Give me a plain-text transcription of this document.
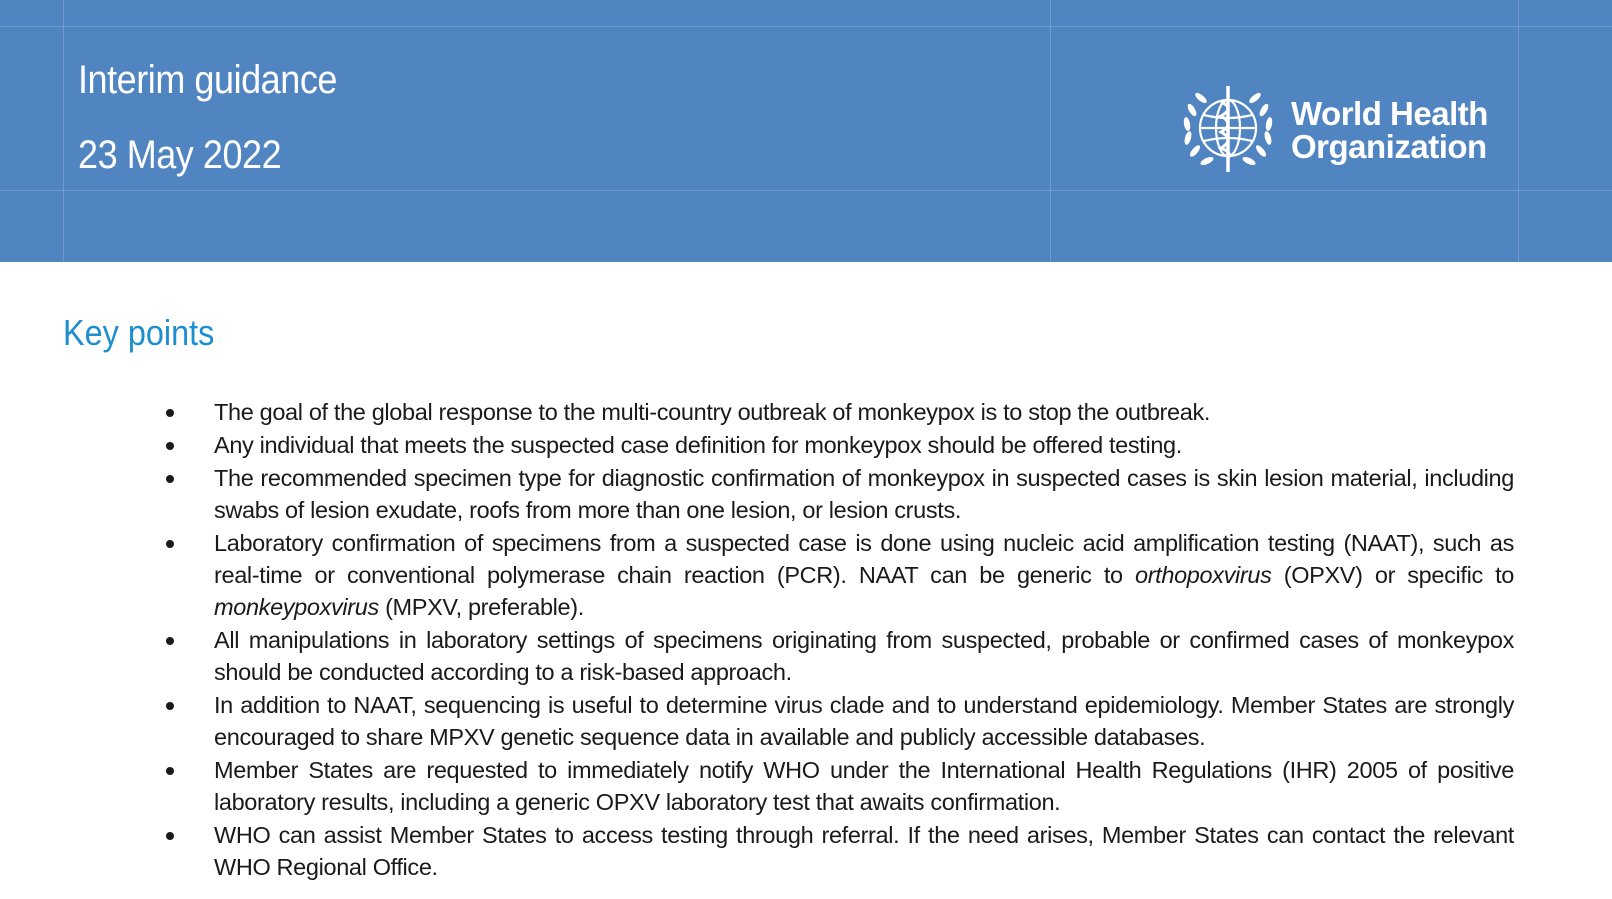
Interim guidance
23 May 2022
World Health
Organization
Key points
The goal of the global response to the multi-country outbreak of monkeypox is to stop the outbreak.
Any individual that meets the suspected case definition for monkeypox should be offered testing.
The recommended specimen type for diagnostic confirmation of monkeypox in suspected cases is skin lesion material, including swabs of lesion exudate, roofs from more than one lesion, or lesion crusts.
Laboratory confirmation of specimens from a suspected case is done using nucleic acid amplification testing (NAAT), such as real-time or conventional polymerase chain reaction (PCR). NAAT can be generic to orthopoxvirus (OPXV) or specific to monkeypoxvirus (MPXV, preferable).
All manipulations in laboratory settings of specimens originating from suspected, probable or confirmed cases of monkeypox should be conducted according to a risk-based approach.
In addition to NAAT, sequencing is useful to determine virus clade and to understand epidemiology. Member States are strongly encouraged to share MPXV genetic sequence data in available and publicly accessible databases.
Member States are requested to immediately notify WHO under the International Health Regulations (IHR) 2005 of positive laboratory results, including a generic OPXV laboratory test that awaits confirmation.
WHO can assist Member States to access testing through referral. If the need arises, Member States can contact the relevant WHO Regional Office.
